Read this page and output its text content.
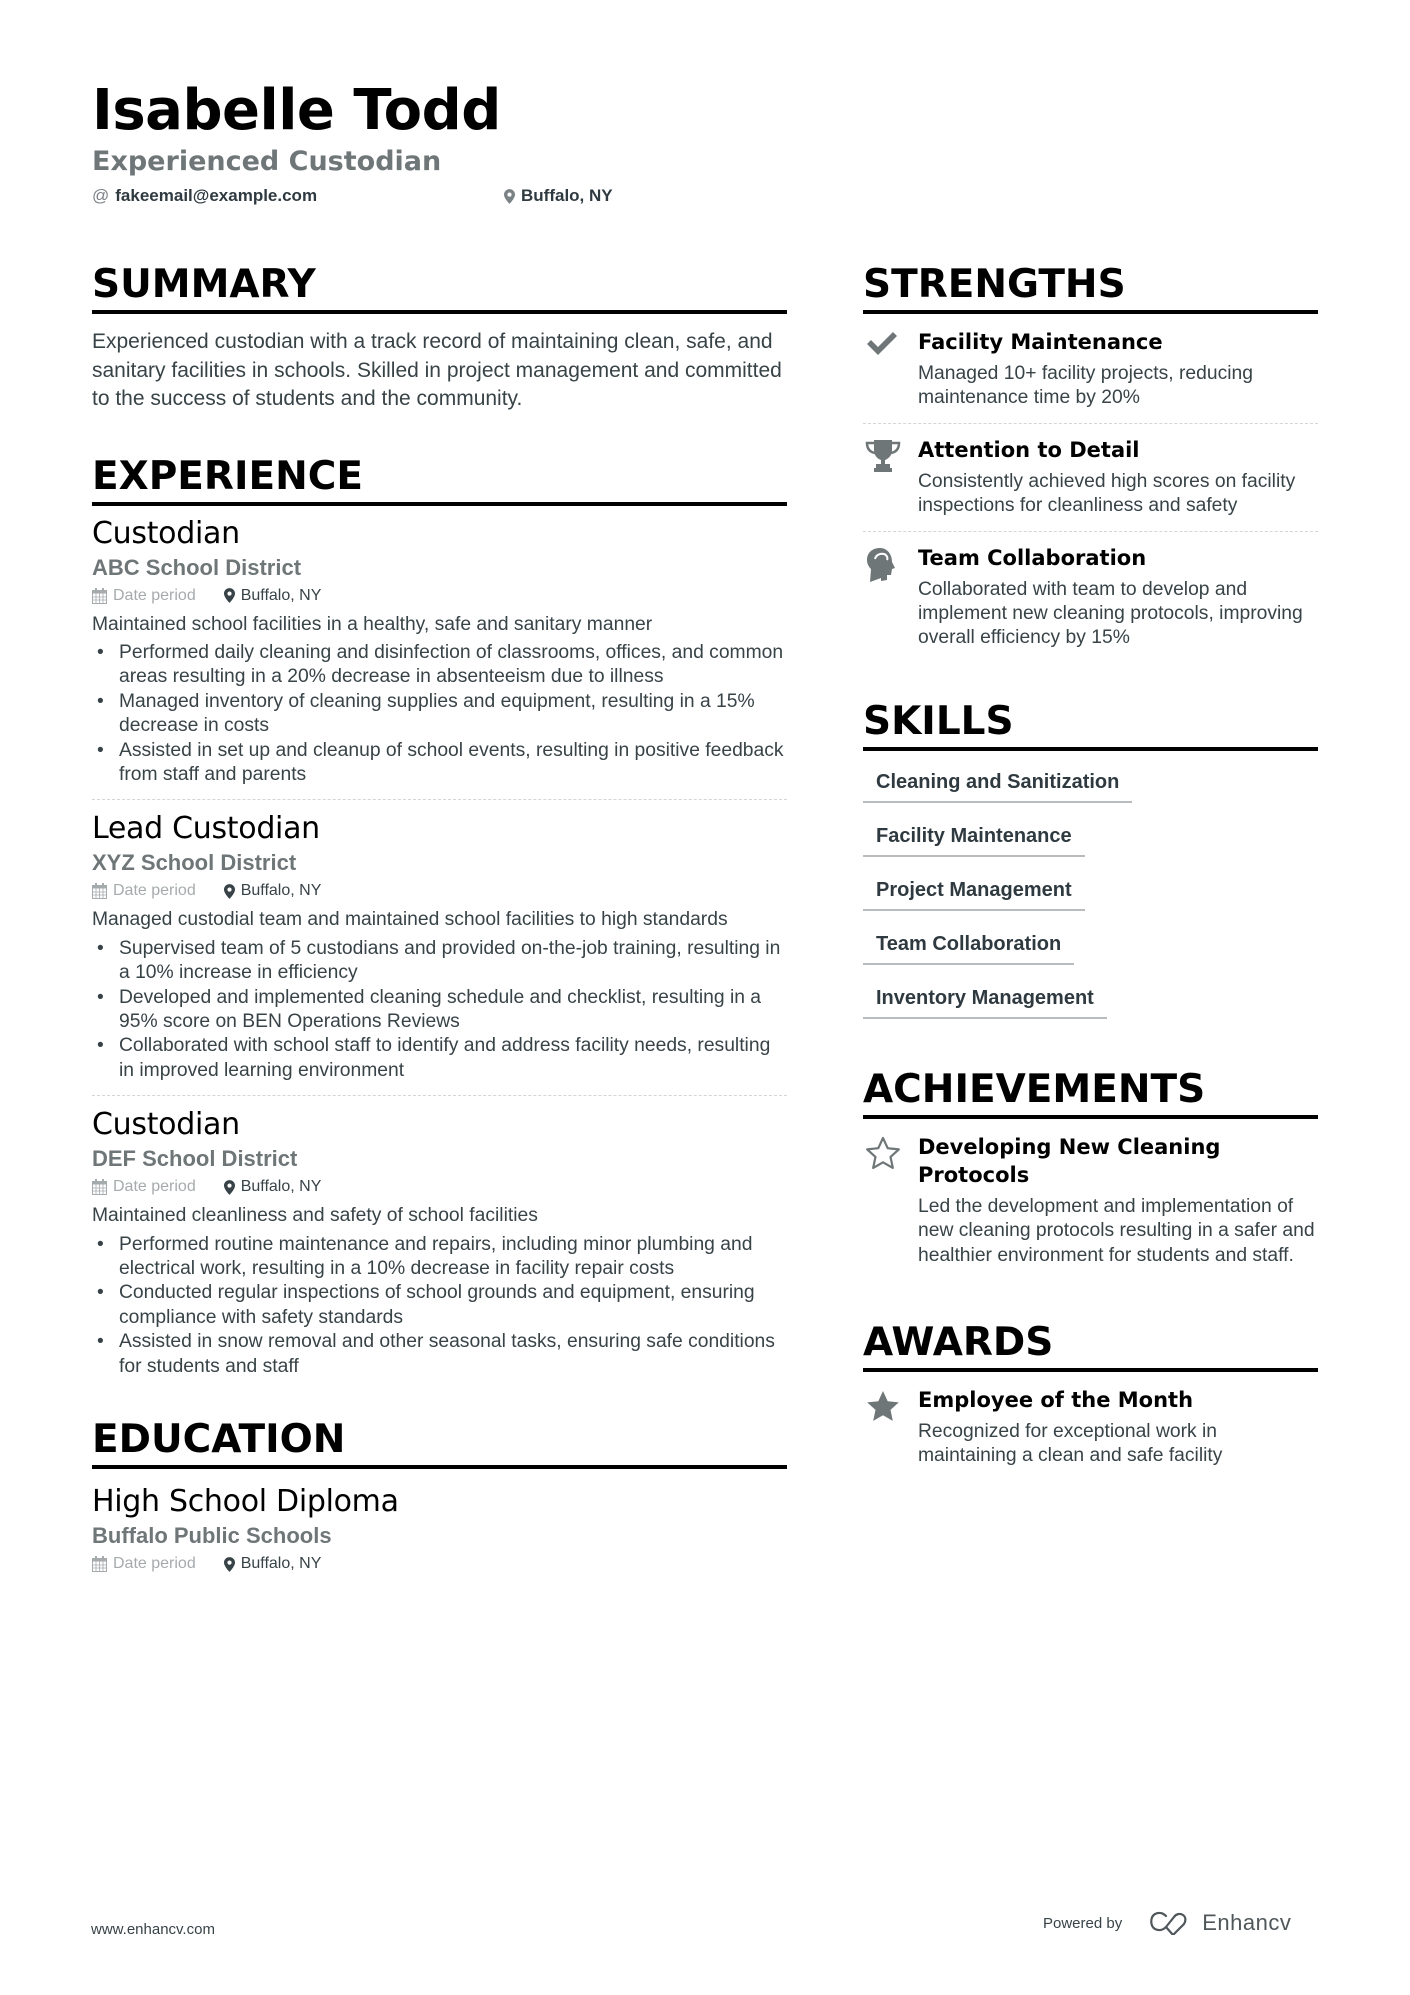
Isabelle Todd
Experienced Custodian
@ fakeemail@example.com	Buffalo, NY
SUMMARY

Experienced custodian with a track record of maintaining clean, safe, and sanitary facilities in schools. Skilled in project management and committed to the success of students and the community.

EXPERIENCE
Custodian
ABC School District
Date period	Buffalo, NY
Maintained school facilities in a healthy, safe and sanitary manner
• Performed daily cleaning and disinfection of classrooms, offices, and common areas resulting in a 20% decrease in absenteeism due to illness
• Managed inventory of cleaning supplies and equipment, resulting in a 15% decrease in costs
• Assisted in set up and cleanup of school events, resulting in positive feedback from staff and parents
Lead Custodian
XYZ School District
Date period	Buffalo, NY
Managed custodial team and maintained school facilities to high standards
• Supervised team of 5 custodians and provided on-the-job training, resulting in a 10% increase in efficiency
• Developed and implemented cleaning schedule and checklist, resulting in a 95% score on BEN Operations Reviews
• Collaborated with school staff to identify and address facility needs, resulting in improved learning environment
Custodian
DEF School District
Date period	Buffalo, NY
Maintained cleanliness and safety of school facilities
• Performed routine maintenance and repairs, including minor plumbing and electrical work, resulting in a 10% decrease in facility repair costs
• Conducted regular inspections of school grounds and equipment, ensuring compliance with safety standards
• Assisted in snow removal and other seasonal tasks, ensuring safe conditions for students and staff
EDUCATION
High School Diploma
Buffalo Public Schools
Date period	Buffalo, NY
STRENGTHS
Facility Maintenance
Managed 10+ facility projects, reducing maintenance time by 20%
Attention to Detail
Consistently achieved high scores on facility inspections for cleanliness and safety
Team Collaboration
Collaborated with team to develop and implement new cleaning protocols, improving overall efficiency by 15%
SKILLS
Cleaning and Sanitization
Facility Maintenance
Project Management
Team Collaboration
Inventory Management
ACHIEVEMENTS
Developing New Cleaning Protocols
Led the development and implementation of new cleaning protocols resulting in a safer and healthier environment for students and staff.
AWARDS
Employee of the Month
Recognized for exceptional work in maintaining a clean and safe facility
www.enhancv.com	Powered by	Enhancv
